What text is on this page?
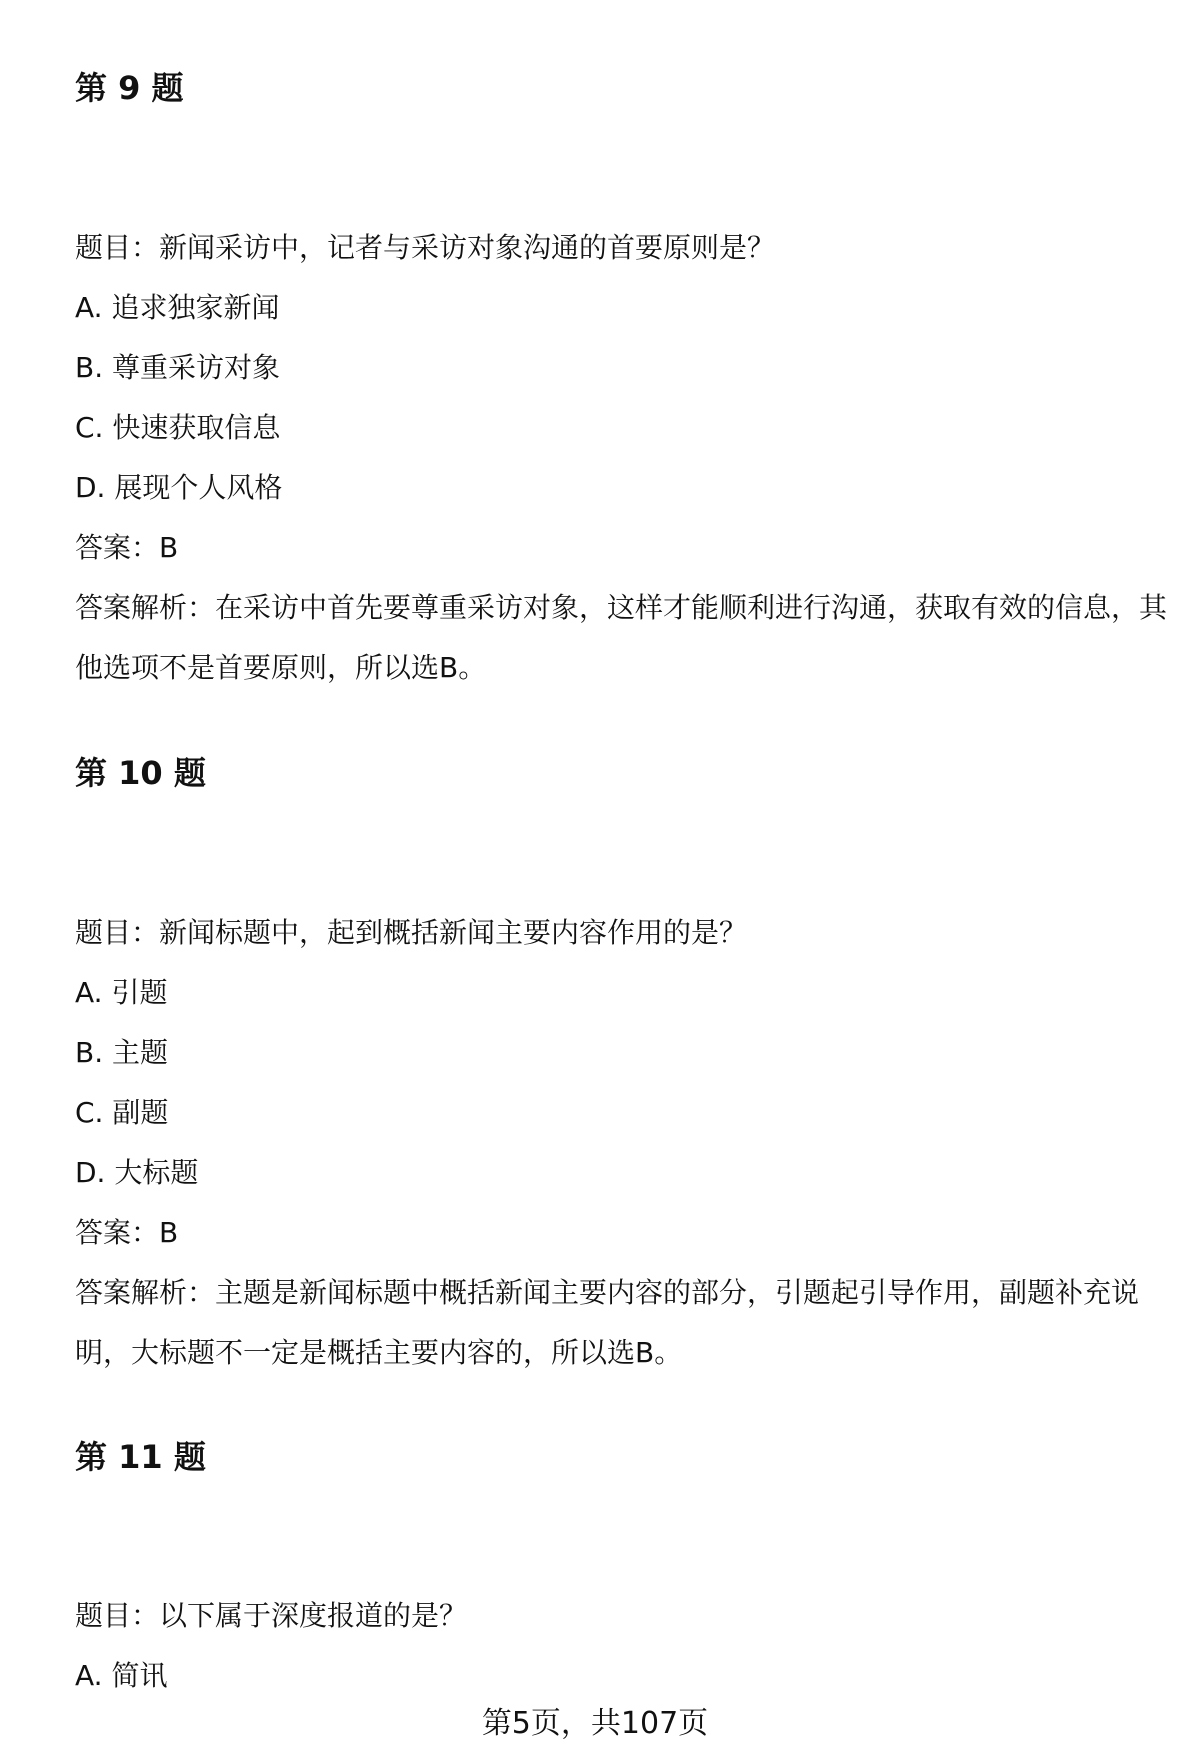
第 9 题

题目：新闻采访中，记者与采访对象沟通的首要原则是？

A. 追求独家新闻

B. 尊重采访对象

C. 快速获取信息

D. 展现个人风格

答案：B

答案解析：在采访中首先要尊重采访对象，这样才能顺利进行沟通，获取有效的信息，其他选项不是首要原则，所以选B。

第 10 题

题目：新闻标题中，起到概括新闻主要内容作用的是？

A. 引题

B. 主题

C. 副题

D. 大标题

答案：B

答案解析：主题是新闻标题中概括新闻主要内容的部分，引题起引导作用，副题补充说明，大标题不一定是概括主要内容的，所以选B。

第 11 题

题目：以下属于深度报道的是？

A. 简讯

第5页，共107页
